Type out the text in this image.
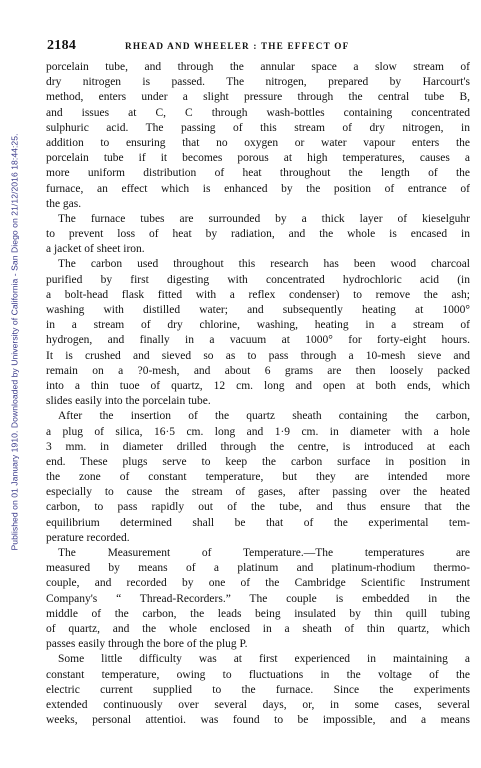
Published on 01 January 1910. Downloaded by University of California - San Diego on 21/12/2016 18:44:25.
2184	RHEAD AND WHEELER : THE EFFECT OF
porcelain tube, and through the annular space a slow stream of
dry nitrogen is passed. The nitrogen, prepared by Harcourt's
method, enters under a slight pressure through the central tube B,
and issues at C, C through wash-bottles containing concentrated
sulphuric acid. The passing of this stream of dry nitrogen, in
addition to ensuring that no oxygen or water vapour enters the
porcelain tube if it becomes porous at high temperatures, causes a
more uniform distribution of heat throughout the length of the
furnace, an effect which is enhanced by the position of entrance of
the gas.
The furnace tubes are surrounded by a thick layer of kieselguhr
to prevent loss of heat by radiation, and the whole is encased in
a jacket of sheet iron.
The carbon used throughout this research has been wood charcoal
purified by first digesting with concentrated hydrochloric acid (in
a bolt-head flask fitted with a reflex condenser) to remove the ash;
washing with distilled water; and subsequently heating at 1000°
in a stream of dry chlorine, washing, heating in a stream of
hydrogen, and finally in a vacuum at 1000° for forty-eight hours.
It is crushed and sieved so as to pass through a 10-mesh sieve and
remain on a ?0-mesh, and about 6 grams are then loosely packed
into a thin tuoe of quartz, 12 cm. long and open at both ends, which
slides easily into the porcelain tube.
After the insertion of the quartz sheath containing the carbon,
a plug of silica, 16·5 cm. long and 1·9 cm. in diameter with a hole
3 mm. in diameter drilled through the centre, is introduced at each
end. These plugs serve to keep the carbon surface in position in
the zone of constant temperature, but they are intended more
especially to cause the stream of gases, after passing over the heated
carbon, to pass rapidly out of the tube, and thus ensure that the
equilibrium determined shall be that of the experimental tem-
perature recorded.
The Measurement of Temperature.—The temperatures are
measured by means of a platinum and platinum-rhodium thermo-
couple, and recorded by one of the Cambridge Scientific Instrument
Company's “ Thread-Recorders.” The couple is embedded in the
middle of the carbon, the leads being insulated by thin quill tubing
of quartz, and the whole enclosed in a sheath of thin quartz, which
passes easily through the bore of the plug P.
Some little difficulty was at first experienced in maintaining a
constant temperature, owing to fluctuations in the voltage of the
electric current supplied to the furnace. Since the experiments
extended continuously over several days, or, in some cases, several
weeks, personal attentioi. was found to be impossible, and a means
